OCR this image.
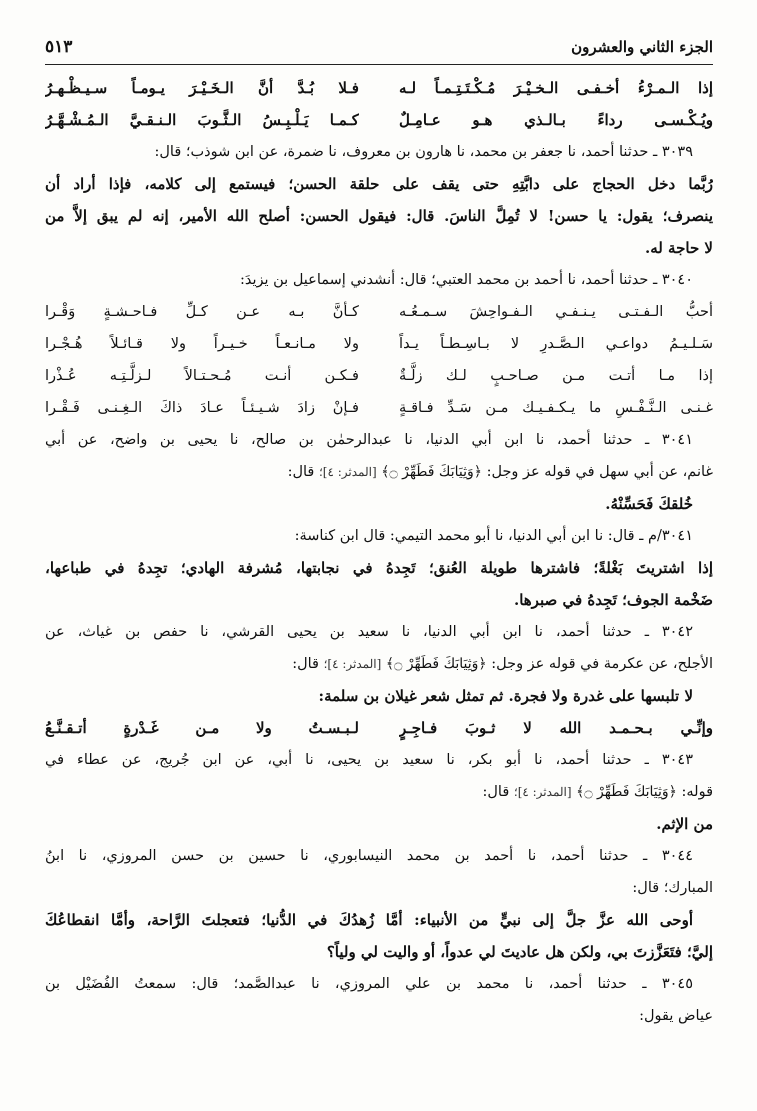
الجزء الثاني والعشرون
٥١٣
إذا الـمـرْءُ أخـفـى الـخـيْـرَ مُـكْـتَـتِـمـاً لـه
فـلا بُـدَّ أنَّ الـخَـيْـرَ يـومـاً سـيـظْـهـرُ
ويُـكْـسـى رداءً بـالـذي هـو عـامِـلٌ
كـمـا يَـلْـبِـسُ الـثَّـوبَ الـنـقـيَّ الـمُـشْـهَّـرُ
٣٠٣٩ ـ حدثنا أحمد، نا جعفر بن محمد، نا هارون بن معروف، نا ضمرة، عن ابن شوذب؛ قال:
رُبَّما دخل الحجاج على دابَّتِهِ حتى يقف على حلقة الحسن؛ فيستمع إلى كلامه، فإذا أراد أن
ينصرف؛ يقول: يا حسن! لا تُمِلَّ الناسَ. قال: فيقول الحسن: أصلح الله الأمير، إنه لم يبق إلاَّ من
لا حاجة له.
٣٠٤٠ ـ حدثنا أحمد، نا أحمد بن محمد العتبي؛ قال: أنشدني إسماعيل بن يزيدَ:
أحبُّ الـفـتـى يـنـفـي الـفـواحِشَ سـمـعُـه
كـأنَّ بـه عـن كـلِّ فـاحـشـةٍ وَقْـرا
سَـلـيـمُ دواعـي الـصَّـدرِ لا بـاسِـطـاً يـداً
ولا مـانـعـاً خـيـراً ولا قـائـلاً هُـجْـرا
إذا مـا أتـت مـن صـاحـبٍ لـك زلَّـةٌ
فـكـن أنـت مُـحـتـالاً لـزلَّـتِـه عُـذْرا
غـنـى الـنَّـفْـسِ ما يـكـفـيـك مـن سَـدِّ فـاقـةٍ
فـإنْ زادَ شـيـئـاً عـادَ ذاكَ الـغِـنـى فَـقْـرا
٣٠٤١ ـ حدثنا أحمد، نا ابن أبي الدنيا، نا عبدالرحمٰن بن صالح، نا يحيى بن واضح، عن أبي
غانم، عن أبي سهل في قوله عز وجل: ﴿وَثِيَابَكَ فَطَهِّرْ ۝﴾ [المدثر: ٤]؛ قال:
خُلقكَ فَحَسِّنْهُ.
٣٠٤١/م ـ قال: نا ابن أبي الدنيا، نا أبو محمد التيمي: قال ابن كناسة:
إذا اشتريتَ بَغْلةً؛ فاشترها طويلة العُنق؛ تَجِدهُ في نجابتها، مُشرفة الهادي؛ تجِدهُ في طباعها،
ضَخْمة الجوف؛ تَجِدهُ في صبرها.
٣٠٤٢ ـ حدثنا أحمد، نا ابن أبي الدنيا، نا سعيد بن يحيى القرشي، نا حفص بن غياث، عن
الأجلح، عن عكرمة في قوله عز وجل: ﴿وَثِيَابَكَ فَطَهِّرْ ۝﴾ [المدثر: ٤]؛ قال:
لا تلبسها على غدرة ولا فجرة. ثم تمثل شعر غيلان بن سلمة:
وإنِّـي بـحـمـد الله لا ثـوبَ فـاجِـرٍ
لـبـسـتُ ولا مـن غَـدْرةٍ أتـقـنَّـعُ
٣٠٤٣ ـ حدثنا أحمد، نا أبو بكر، نا سعيد بن يحيى، نا أبي، عن ابن جُريج، عن عطاء في
قوله: ﴿وَثِيَابَكَ فَطَهِّرْ ۝﴾ [المدثر: ٤]؛ قال:
من الإثم.
٣٠٤٤ ـ حدثنا أحمد، نا أحمد بن محمد النيسابوري، نا حسين بن حسن المروزي، نا ابنُ
المبارك؛ قال:
أوحى الله عزَّ جلَّ إلى نبيٍّ من الأنبياء: أمَّا زُهدُكَ في الدُّنيا؛ فتعجلتَ الرَّاحة، وأمَّا انقطاعُكَ
إليَّ؛ فتَعَزَّزتَ بي، ولكن هل عاديتَ لي عدواً، أو واليت لي ولياً؟
٣٠٤٥ ـ حدثنا أحمد، نا محمد بن علي المروزي، نا عبدالصَّمد؛ قال: سمعتُ الفُضَيْل بن
عياض يقول:
